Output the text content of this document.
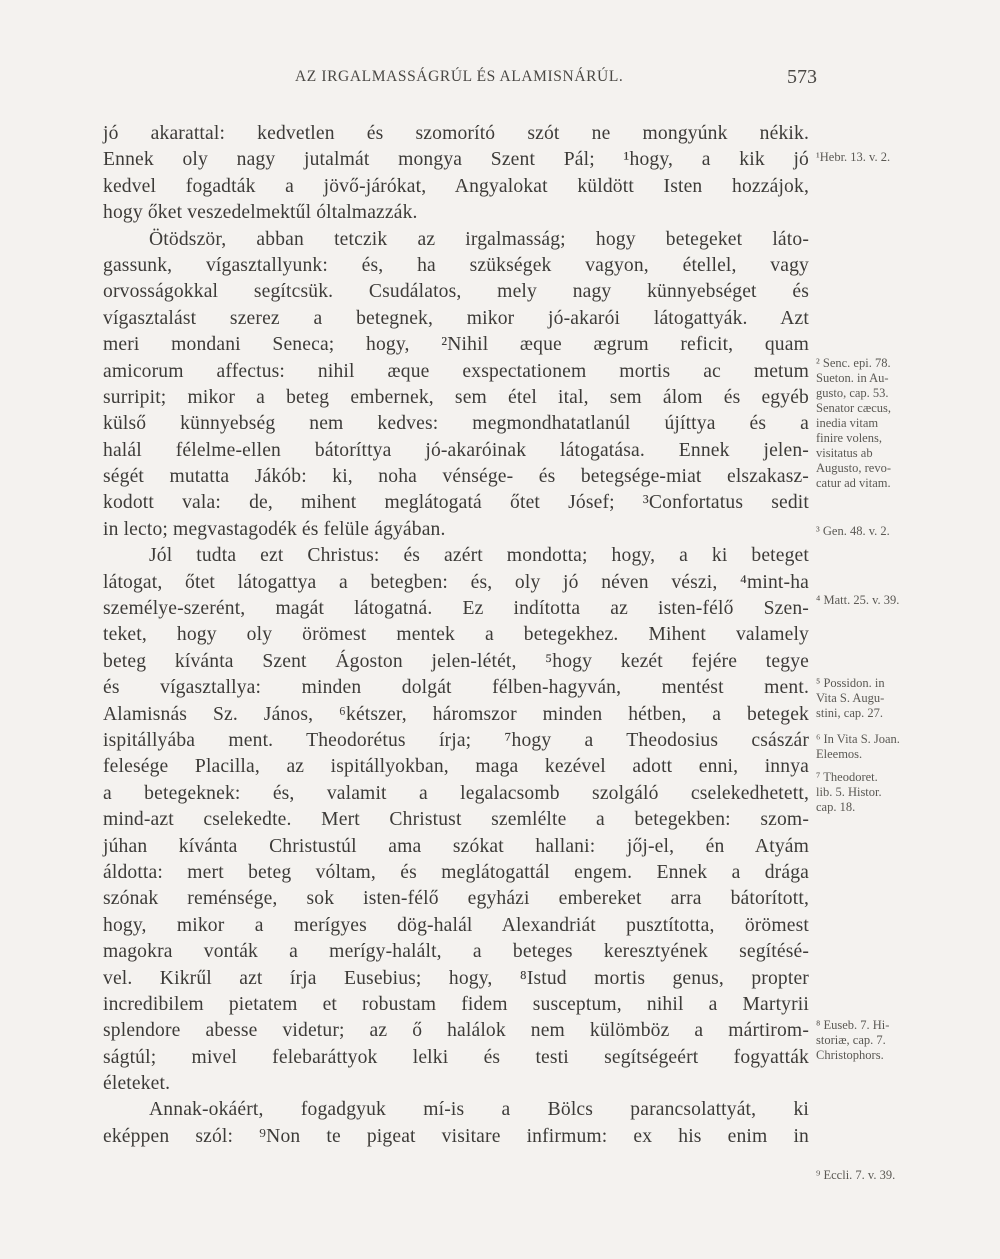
AZ IRGALMASSÁGRÚL ÉS ALAMISNÁRÚL.	573
jó akarattal: kedvetlen és szomorító szót ne mongyúnk nékik.
Ennek oly nagy jutalmát mongya Szent Pál; ¹hogy, a kik jó
kedvel fogadták a jövő-járókat, Angyalokat küldött Isten hozzájok,
hogy őket veszedelmektűl óltalmazzák.
Ötödször, abban tetczik az irgalmasság; hogy betegeket láto-
gassunk, vígasztallyunk: és, ha szükségek vagyon, étellel, vagy
orvosságokkal segítcsük. Csudálatos, mely nagy künnyebséget és
vígasztalást szerez a betegnek, mikor jó-akarói látogattyák. Azt
meri mondani Seneca; hogy, ²Nihil æque ægrum reficit, quam
amicorum affectus: nihil æque exspectationem mortis ac metum
surripit; mikor a beteg embernek, sem étel ital, sem álom és egyéb
külső künnyebség nem kedves: megmondhatatlanúl újíttya és a
halál félelme-ellen bátoríttya jó-akaróinak látogatása. Ennek jelen-
ségét mutatta Jákób: ki, noha vénsége- és betegsége-miat elszakasz-
kodott vala: de, mihent meglátogatá őtet Jósef; ³Confortatus sedit
in lecto; megvastagodék és felüle ágyában.
Jól tudta ezt Christus: és azért mondotta; hogy, a ki beteget
látogat, őtet látogattya a betegben: és, oly jó néven vészi, ⁴mint-ha
személye-szerént, magát látogatná. Ez indította az isten-félő Szen-
teket, hogy oly örömest mentek a betegekhez. Mihent valamely
beteg kívánta Szent Ágoston jelen-létét, ⁵hogy kezét fejére tegye
és vígasztallya: minden dolgát félben-hagyván, mentést ment.
Alamisnás Sz. János, ⁶kétszer, háromszor minden hétben, a betegek
ispitállyába ment. Theodorétus írja; ⁷hogy a Theodosius császár
felesége Placilla, az ispitállyokban, maga kezével adott enni, innya
a betegeknek: és, valamit a legalacsomb szolgáló cselekedhetett,
mind-azt cselekedte. Mert Christust szemlélte a betegekben: szom-
júhan kívánta Christustúl ama szókat hallani: jőj-el, én Atyám
áldotta: mert beteg vóltam, és meglátogattál engem. Ennek a drága
szónak reménsége, sok isten-félő egyházi embereket arra bátorított,
hogy, mikor a merígyes dög-halál Alexandriát pusztította, örömest
magokra vonták a merígy-halált, a beteges keresztyének segítésé-
vel. Kikrűl azt írja Eusebius; hogy, ⁸Istud mortis genus, propter
incredibilem pietatem et robustam fidem susceptum, nihil a Martyrii
splendore abesse videtur; az ő halálok nem külömböz a mártirom-
ságtúl; mivel felebaráttyok lelki és testi segítségeért fogyatták
életeket.
Annak-okáért, fogadgyuk mí-is a Bölcs parancsolattyát, ki
eképpen szól: ⁹Non te pigeat visitare infirmum: ex his enim in
¹Hebr. 13. v. 2.
² Senc. epi. 78.
Sueton. in Au-
gusto, cap. 53.
Senator cæcus,
inedia vitam
finire volens,
visitatus ab
Augusto, revo-
catur ad vitam.
³ Gen. 48. v. 2.
⁴ Matt. 25. v. 39.
⁵ Possidon. in
Vita S. Augu-
stini, cap. 27.
⁶ In Vita S. Joan.
Eleemos.
⁷ Theodoret.
lib. 5. Histor.
cap. 18.
⁸ Euseb. 7. Hi-
storiæ, cap. 7.
Christophors.
⁹ Eccli. 7. v. 39.
